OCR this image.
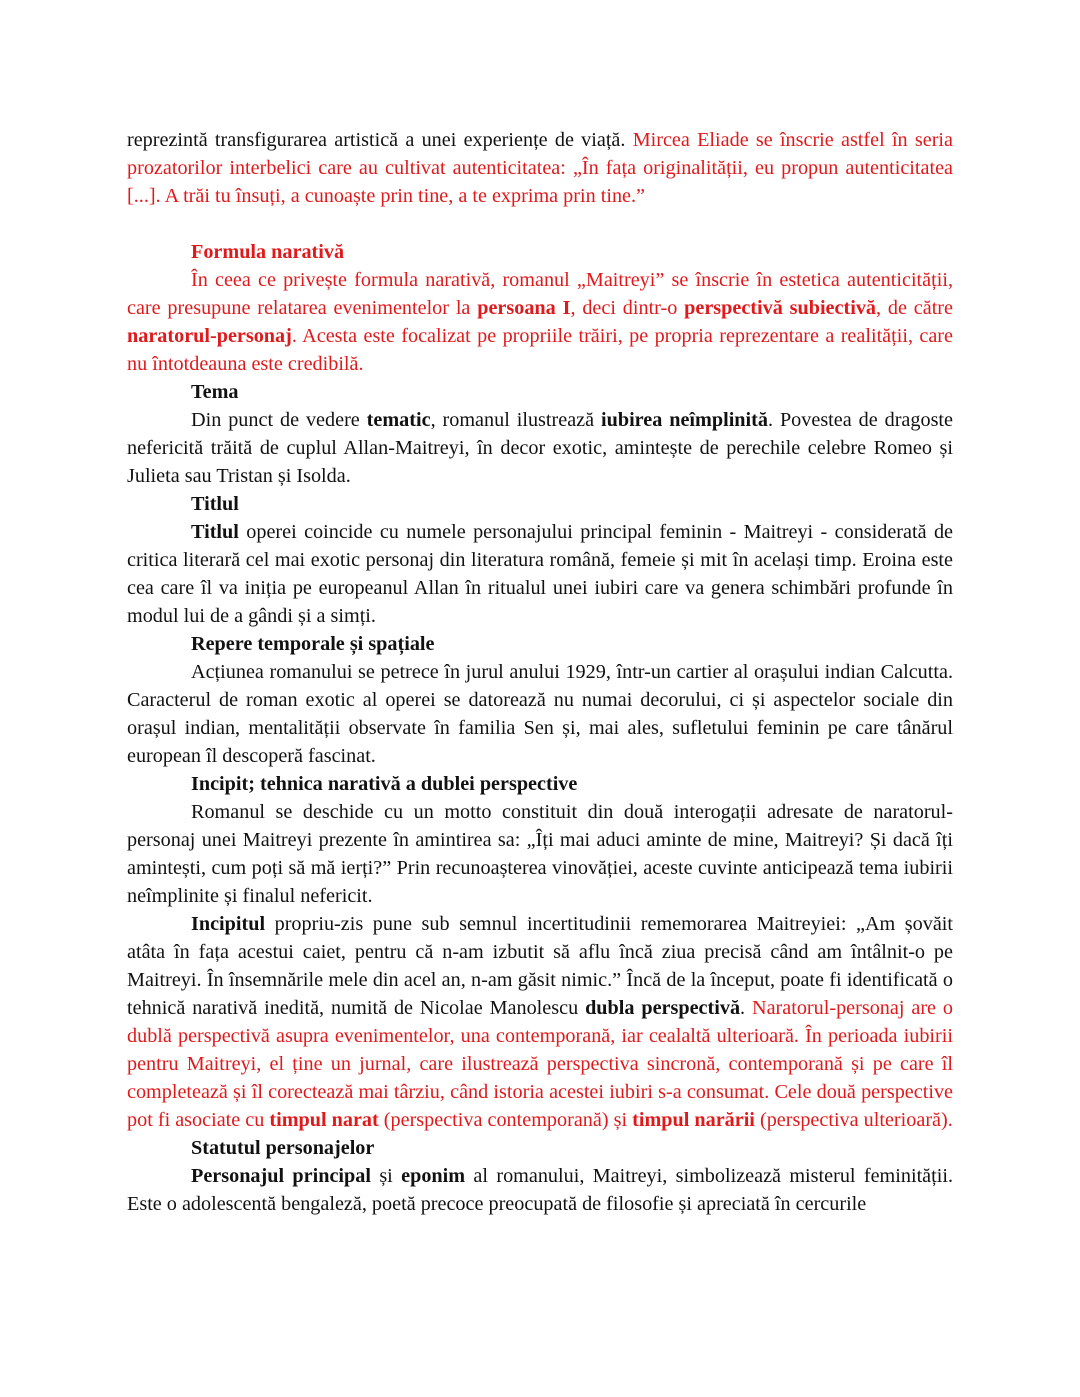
reprezintă transfigurarea artistică a unei experiențe de viață. Mircea Eliade se înscrie astfel în seria prozatorilor interbelici care au cultivat autenticitatea: „În fața originalității, eu propun autenticitatea [...]. A trăi tu însuți, a cunoaște prin tine, a te exprima prin tine.”

Formula narativă

În ceea ce privește formula narativă, romanul „Maitreyi” se înscrie în estetica autenticității, care presupune relatarea evenimentelor la persoana I, deci dintr-o perspectivă subiectivă, de către naratorul-personaj. Acesta este focalizat pe propriile trăiri, pe propria reprezentare a realității, care nu întotdeauna este credibilă.

Tema

Din punct de vedere tematic, romanul ilustrează iubirea neîmplinită. Povestea de dragoste nefericită trăită de cuplul Allan-Maitreyi, în decor exotic, amintește de perechile celebre Romeo și Julieta sau Tristan și Isolda.

Titlul

Titlul operei coincide cu numele personajului principal feminin - Maitreyi - considerată de critica literară cel mai exotic personaj din literatura română, femeie și mit în același timp. Eroina este cea care îl va iniția pe europeanul Allan în ritualul unei iubiri care va genera schimbări profunde în modul lui de a gândi și a simți.

Repere temporale și spațiale

Acțiunea romanului se petrece în jurul anului 1929, într-un cartier al orașului indian Calcutta. Caracterul de roman exotic al operei se datorează nu numai decorului, ci și aspectelor sociale din orașul indian, mentalității observate în familia Sen și, mai ales, sufletului feminin pe care tânărul european îl descoperă fascinat.

Incipit; tehnica narativă a dublei perspective

Romanul se deschide cu un motto constituit din două interogații adresate de naratorul-personaj unei Maitreyi prezente în amintirea sa: „Îți mai aduci aminte de mine, Maitreyi? Și dacă îți amintești, cum poți să mă ierți?” Prin recunoașterea vinovăției, aceste cuvinte anticipează tema iubirii neîmplinite și finalul nefericit.

Incipitul propriu-zis pune sub semnul incertitudinii rememorarea Maitreyiei: „Am șovăit atâta în fața acestui caiet, pentru că n-am izbutit să aflu încă ziua precisă când am întâlnit-o pe Maitreyi. În însemnările mele din acel an, n-am găsit nimic.” Încă de la început, poate fi identificată o tehnică narativă inedită, numită de Nicolae Manolescu dubla perspectivă. Naratorul-personaj are o dublă perspectivă asupra evenimentelor, una contemporană, iar cealaltă ulterioară. În perioada iubirii pentru Maitreyi, el ține un jurnal, care ilustrează perspectiva sincronă, contemporană și pe care îl completează și îl corectează mai târziu, când istoria acestei iubiri s-a consumat. Cele două perspective pot fi asociate cu timpul narat (perspectiva contemporană) și timpul narării (perspectiva ulterioară).

Statutul personajelor

Personajul principal și eponim al romanului, Maitreyi, simbolizează misterul feminității. Este o adolescentă bengaleză, poetă precoce preocupată de filosofie și apreciată în cercurile
